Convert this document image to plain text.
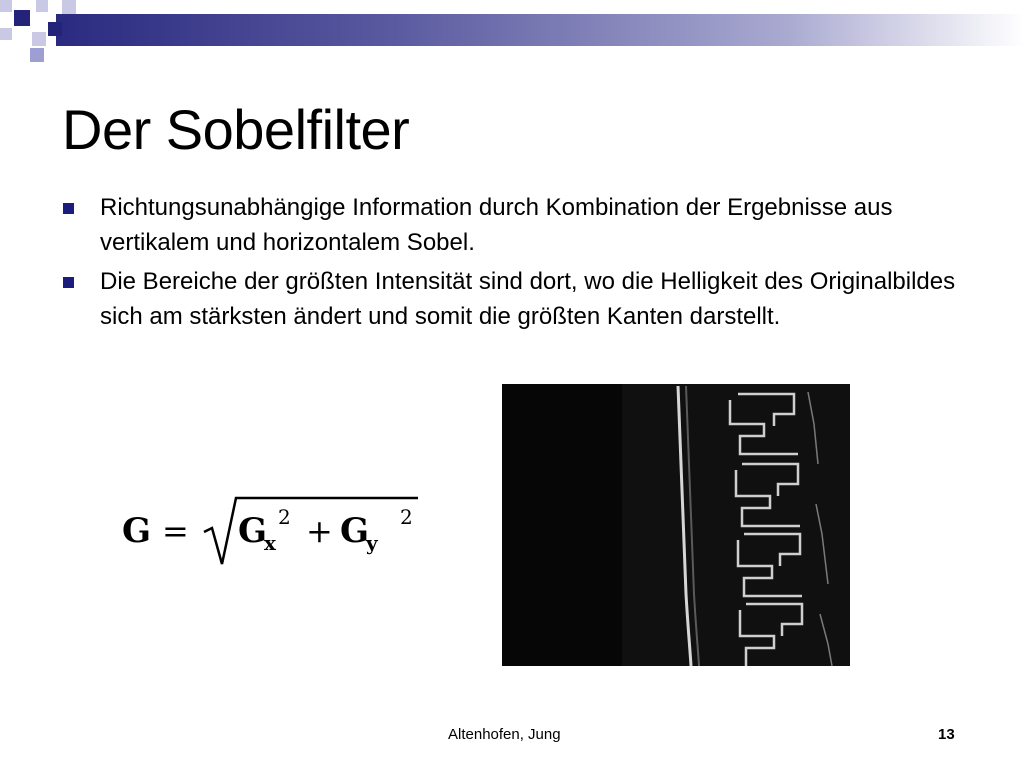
Der Sobelfilter
Richtungsunabhängige Information durch Kombination der Ergebnisse aus vertikalem und horizontalem Sobel.
Die Bereiche der größten Intensität sind dort, wo die Helligkeit des Originalbildes sich am stärksten ändert und somit die größten Kanten darstellt.
G = G
x
2 + G
y
2
Altenhofen, Jung	13
